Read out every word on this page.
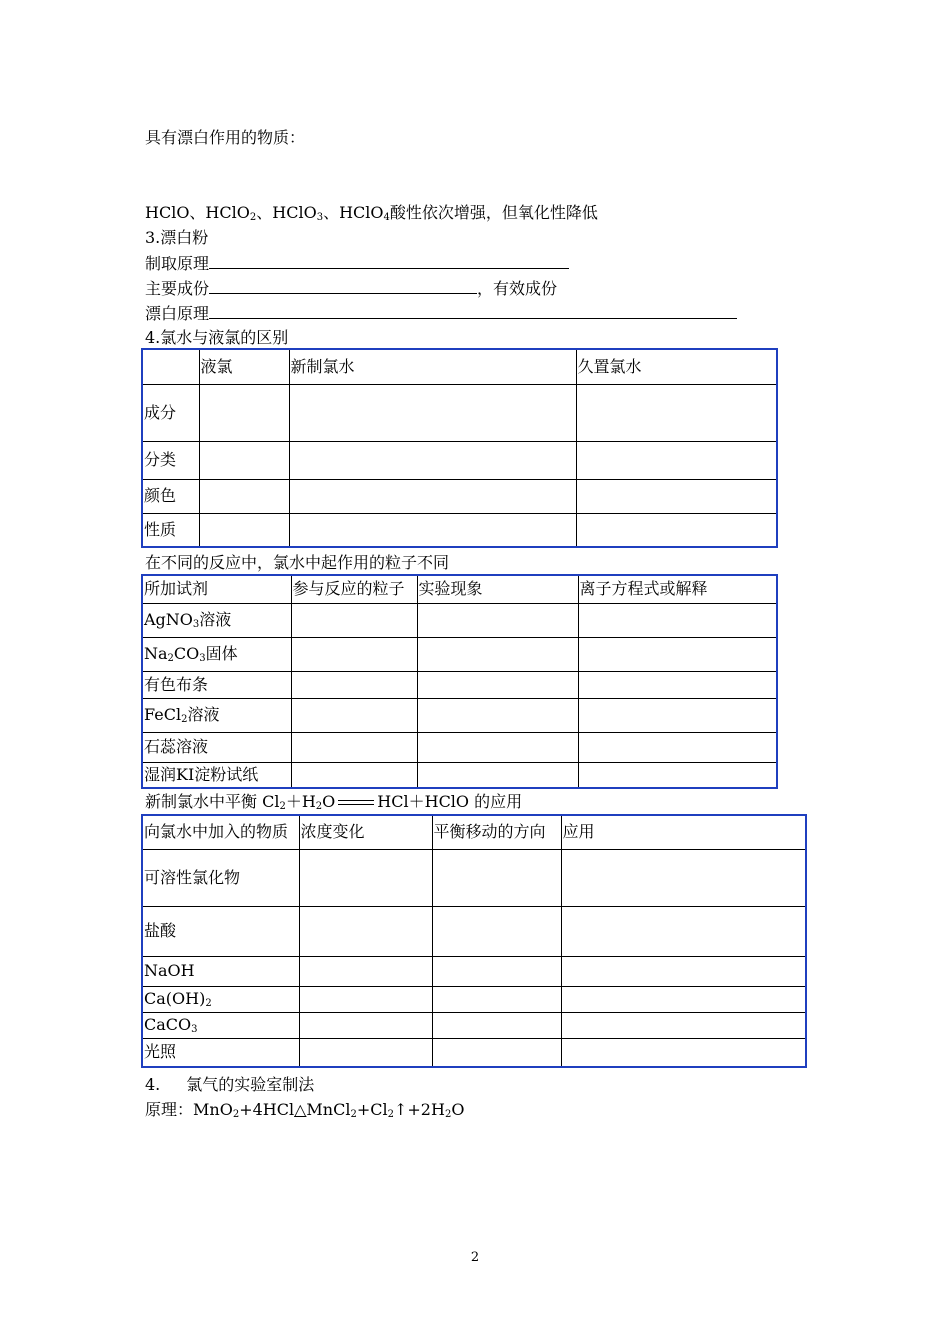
具有漂白作用的物质：
HClO、HClO$_2$、HClO$_3$、HClO$_4$酸性依次增强，但氧化性降低
3.漂白粉
制取原理
主要成份	，有效成份
漂白原理
4.氯水与液氯的区别
	液氯	新制氯水	久置氯水
成分			
分类			
颜色			
性质			
在不同的反应中，氯水中起作用的粒子不同
所加试剂	参与反应的粒子	实验现象	离子方程式或解释
AgNO$_3$溶液			
$Na_2CO_3$固体			
有色布条			
FeCl$_2$溶液			
石蕊溶液			
湿润KI淀粉试纸			
新制氯水中平衡 $Cl_2+H_2O$	HCl＋HClO 的应用
向氯水中加入的物质	浓度变化	平衡移动的方向	应用
可溶性氯化物			
盐酸			
NaOH			
$Ca(OH)_2$			
CaCO$_3$			
光照			
4. 氯气的实验室制法
原理：$MnO_2+4HCl\triangle MnCl_2+Cl_2↑+2H_2O$
2
